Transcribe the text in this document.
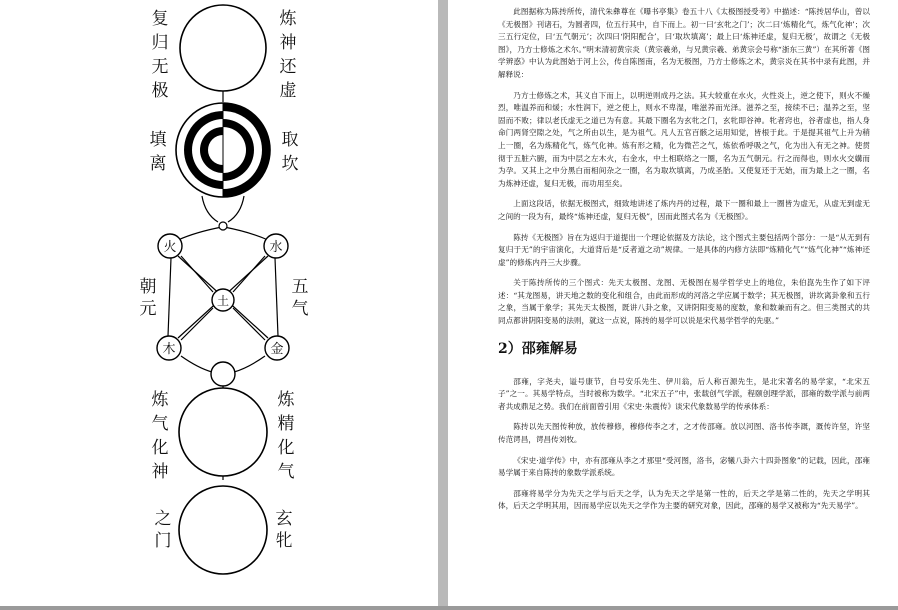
火	水
土
木	金
复归无极
炼神还虚
填离
取坎
朝元
五气
炼气化神
炼精化气
之门
玄牝

此图据称为陈抟所传，清代朱彝尊在《曝书亭集》卷五十八《太极图授受考》中描述：“陈抟居华山，曾以《无极图》刊诸石，为圆者四，位五行其中，自下而上。初一曰‘玄牝之门’；次二曰‘炼精化气，炼气化神’；次三五行定位，曰‘五气朝元’；次四曰‘阴阳配合’，曰‘取坎填离’；最上曰‘炼神还虚，复归无极’，故谓之《无极图》，乃方士修炼之术尔。”明末清初黄宗炎（黄宗羲弟，与兄黄宗羲、弟黄宗会号称“浙东三黄”）在其所著《图学辨惑》中认为此图始于河上公，传自陈图南，名为无极图，乃方士修炼之术，黄宗炎在其书中录有此图，并解释说：

乃方士修炼之术，其义自下而上，以明逆则成丹之法。其大较重在水火，火性炎上，逆之使下，则火不燥烈，唯温养而和煖；水性润下，逆之使上，则水不卑湿，唯滋养而光泽。滋养之至，接续不已；温养之至，坚固而不败；律以老氏虚无之道已为有意。其最下圈名为玄牝之门，玄牝即谷神。牝者窍也，谷者虚也，指人身命门两肾空隙之处，气之所由以生，是为祖气。凡人五官百骸之运用知觉，皆根于此。于是提其祖气上升为稍上一圈，名为炼精化气，炼气化神。炼有形之精，化为微芒之气，炼依希呼吸之气，化为出入有无之神。使贯彻于五脏六腑，而为中层之左木火，右金水，中土相联络之一圈，名为五气朝元。行之而得也，则水火交媾而为孕。又其上之中分黑白而相间杂之一圈，名为取坎填离，乃成圣胎。又使复还于无始，而为最上之一圈，名为炼神还虚，复归无极，而功用至矣。

上面这段话，依据无极图式，细致地讲述了炼内丹的过程，最下一圈和最上一圈皆为虚无，从虚无到虚无之间的一段为有，最终“炼神还虚，复归无极”，因而此图式名为《无极图》。

陈抟《无极图》旨在为返归于道提出一个理论依据及方法论，这个图式主要包括两个部分：一是“从无到有复归于无”的宇宙演化，大道背后是“反者道之动”规律。一是具体的内修方法即“炼精化气”“炼气化神”“炼神还虚”的修炼内丹三大步骤。

关于陈抟所传的三个图式：先天太极图、龙图、无极图在易学哲学史上的地位，朱伯崑先生作了如下评述：“其龙图易，讲天地之数的变化和组合，由此而形成的河洛之学应属于数学；其无极图，讲坎离卦象和五行之象，当属于象学；其先天太极图，既讲八卦之象，又讲阴阳变易的度数，象和数兼而有之。但三类图式的共同点都讲阴阳变易的法则，就这一点说，陈抟的易学可以说是宋代易学哲学的先驱。”

2）邵雍解易

邵雍，字尧夫，谥号康节，自号安乐先生、伊川翁，后人称百源先生，是北宋著名的易学家，“北宋五子”之一。其易学特点，当时被称为数学。“北宋五子”中，张载创气学派，程颐创理学派，邵雍的数学派与前两者共成鼎足之势。我们在前面曾引用《宋史·朱震传》谈宋代象数易学的传承体系：

陈抟以先天图传种放，放传穆修，穆修传李之才，之才传邵雍。放以河图、洛书传李溉，溉传许坚，许坚传范谔昌，谔昌传刘牧。

《宋史·道学传》中，亦有邵雍从李之才那里“受河图，洛书，宓犧八卦六十四卦图象”的记载，因此，邵雍易学属于来自陈抟的象数学派系统。

邵雍将易学分为先天之学与后天之学，认为先天之学是第一性的，后天之学是第二性的，先天之学明其体，后天之学明其用，因而易学应以先天之学作为主要的研究对象，因此，邵雍的易学又被称为“先天易学”。
